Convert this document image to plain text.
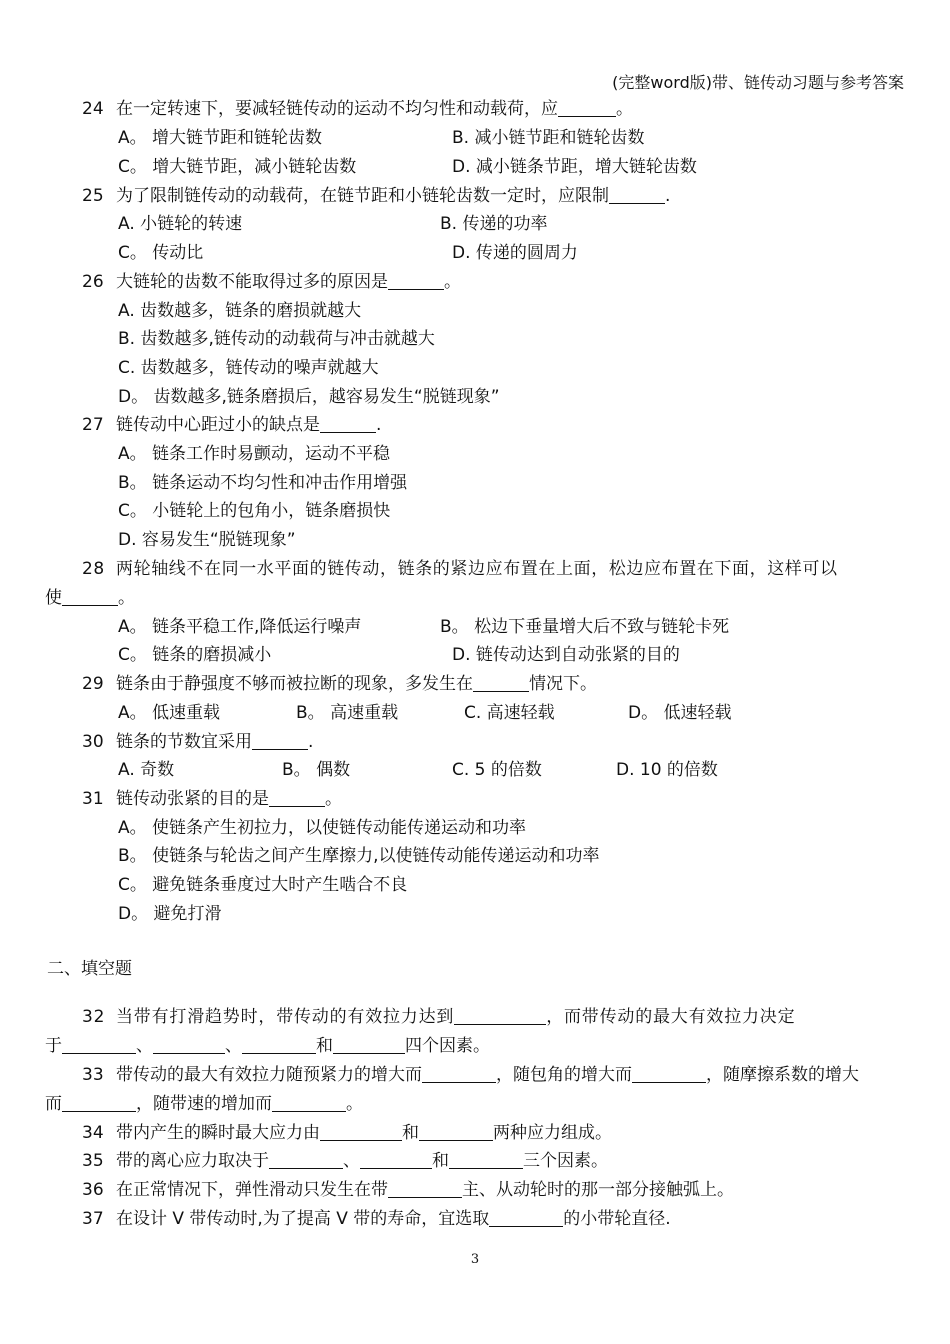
(完整word版)带、链传动习题与参考答案
24 在一定转速下，要减轻链传动的运动不均匀性和动载荷，应	。
A。 增大链节距和链轮齿数	B. 减小链节距和链轮齿数
C。 增大链节距，减小链轮齿数	D. 减小链条节距，增大链轮齿数
25 为了限制链传动的动载荷，在链节距和小链轮齿数一定时，应限制	.
A. 小链轮的转速	B. 传递的功率
C。 传动比	D. 传递的圆周力
26 大链轮的齿数不能取得过多的原因是	。
A. 齿数越多，链条的磨损就越大
B. 齿数越多,链传动的动载荷与冲击就越大
C. 齿数越多，链传动的噪声就越大
D。 齿数越多,链条磨损后，越容易发生“脱链现象”
27 链传动中心距过小的缺点是	.
A。 链条工作时易颤动，运动不平稳
B。 链条运动不均匀性和冲击作用增强
C。 小链轮上的包角小，链条磨损快
D. 容易发生“脱链现象”
28 两轮轴线不在同一水平面的链传动，链条的紧边应布置在上面，松边应布置在下面，这样可以
使	。
A。 链条平稳工作,降低运行噪声	B。 松边下垂量增大后不致与链轮卡死
C。 链条的磨损减小	D. 链传动达到自动张紧的目的
29 链条由于静强度不够而被拉断的现象，多发生在	情况下。
A。 低速重载	B。 高速重载	C. 高速轻载	D。 低速轻载
30 链条的节数宜采用	.
A. 奇数	B。 偶数	C. 5 的倍数	D. 10 的倍数
31 链传动张紧的目的是	。
A。 使链条产生初拉力，以使链传动能传递运动和功率
B。 使链条与轮齿之间产生摩擦力,以使链传动能传递运动和功率
C。 避免链条垂度过大时产生啮合不良
D。 避免打滑
二、填空题
32 当带有打滑趋势时，带传动的有效拉力达到	，而带传动的最大有效拉力决定
于	、	、	和	四个因素。
33 带传动的最大有效拉力随预紧力的增大而	，随包角的增大而	，随摩擦系数的增大
而	，随带速的增加而	。
34 带内产生的瞬时最大应力由	和	两种应力组成。
35 带的离心应力取决于	、	和	三个因素。
36 在正常情况下，弹性滑动只发生在带	主、从动轮时的那一部分接触弧上。
37 在设计 V 带传动时,为了提高 V 带的寿命，宜选取	的小带轮直径.
3
